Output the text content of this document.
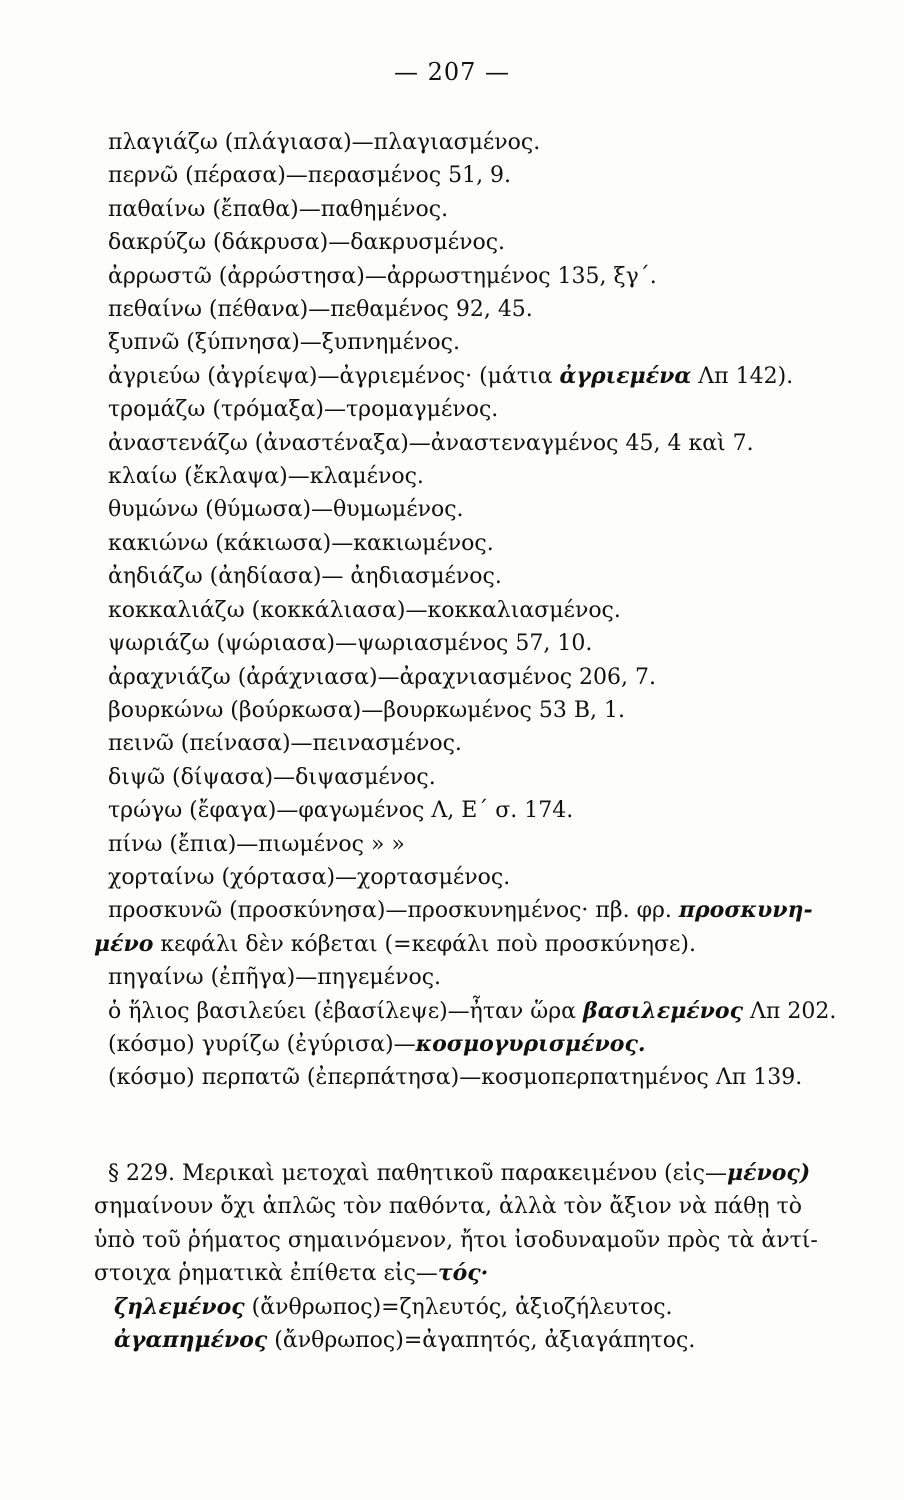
— 207 —
πλαγιάζω (πλάγιασα)—πλαγιασμένος.
περνῶ (πέρασα)—περασμένος 51, 9.
παθαίνω (ἔπαθα)—παθημένος.
δακρύζω (δάκρυσα)—δακρυσμένος.
ἀρρωστῶ (ἀρρώστησα)—ἀρρωστημένος 135, ξγ΄.
πεθαίνω (πέθανα)—πεθαμένος 92, 45.
ξυπνῶ (ξύπνησα)—ξυπνημένος.
ἀγριεύω (ἀγρίεψα)—ἀγριεμένος· (μάτια ἀγριεμένα Λπ 142).
τρομάζω (τρόμαξα)—τρομαγμένος.
ἀναστενάζω (ἀναστέναξα)—ἀναστεναγμένος 45, 4 καὶ 7.
κλαίω (ἔκλαψα)—κλαμένος.
θυμώνω (θύμωσα)—θυμωμένος.
κακιώνω (κάκιωσα)—κακιωμένος.
ἀηδιάζω (ἀηδίασα)— ἀηδιασμένος.
κοκκαλιάζω (κοκκάλιασα)—κοκκαλιασμένος.
ψωριάζω (ψώριασα)—ψωριασμένος 57, 10.
ἀραχνιάζω (ἀράχνιασα)—ἀραχνιασμένος 206, 7.
βουρκώνω (βούρκωσα)—βουρκωμένος 53 Β, 1.
πεινῶ (πείνασα)—πεινασμένος.
διψῶ (δίψασα)—διψασμένος.
τρώγω (ἔφαγα)—φαγωμένος Λ, Ε΄ σ. 174.
πίνω (ἔπια)—πιωμένος » »
χορταίνω (χόρτασα)—χορτασμένος.
προσκυνῶ (προσκύνησα)—προσκυνημένος· πβ. φρ. προσκυνη-
μένο κεφάλι δὲν κόβεται (=κεφάλι ποὺ προσκύνησε).
πηγαίνω (ἐπῆγα)—πηγεμένος.
ὁ ἥλιος βασιλεύει (ἐβασίλεψε)—ἦταν ὥρα βασιλεμένος Λπ 202.
(κόσμο) γυρίζω (ἐγύρισα)—κοσμογυρισμένος.
(κόσμο) περπατῶ (ἐπερπάτησα)—κοσμοπερπατημένος Λπ 139.

§ 229. Μερικαὶ μετοχαὶ παθητικοῦ παρακειμένου (εἰς—μένος)
σημαίνουν ὄχι ἁπλῶς τὸν παθόντα, ἀλλὰ τὸν ἄξιον νὰ πάθῃ τὸ
ὑπὸ τοῦ ῥήματος σημαινόμενον, ἤτοι ἰσοδυναμοῦν πρὸς τὰ ἀντί-
στοιχα ῥηματικὰ ἐπίθετα εἰς—τός·

ζηλεμένος (ἄνθρωπος)=ζηλευτός, ἀξιοζήλευτος.
ἀγαπημένος (ἄνθρωπος)=ἀγαπητός, ἀξιαγάπητος.
